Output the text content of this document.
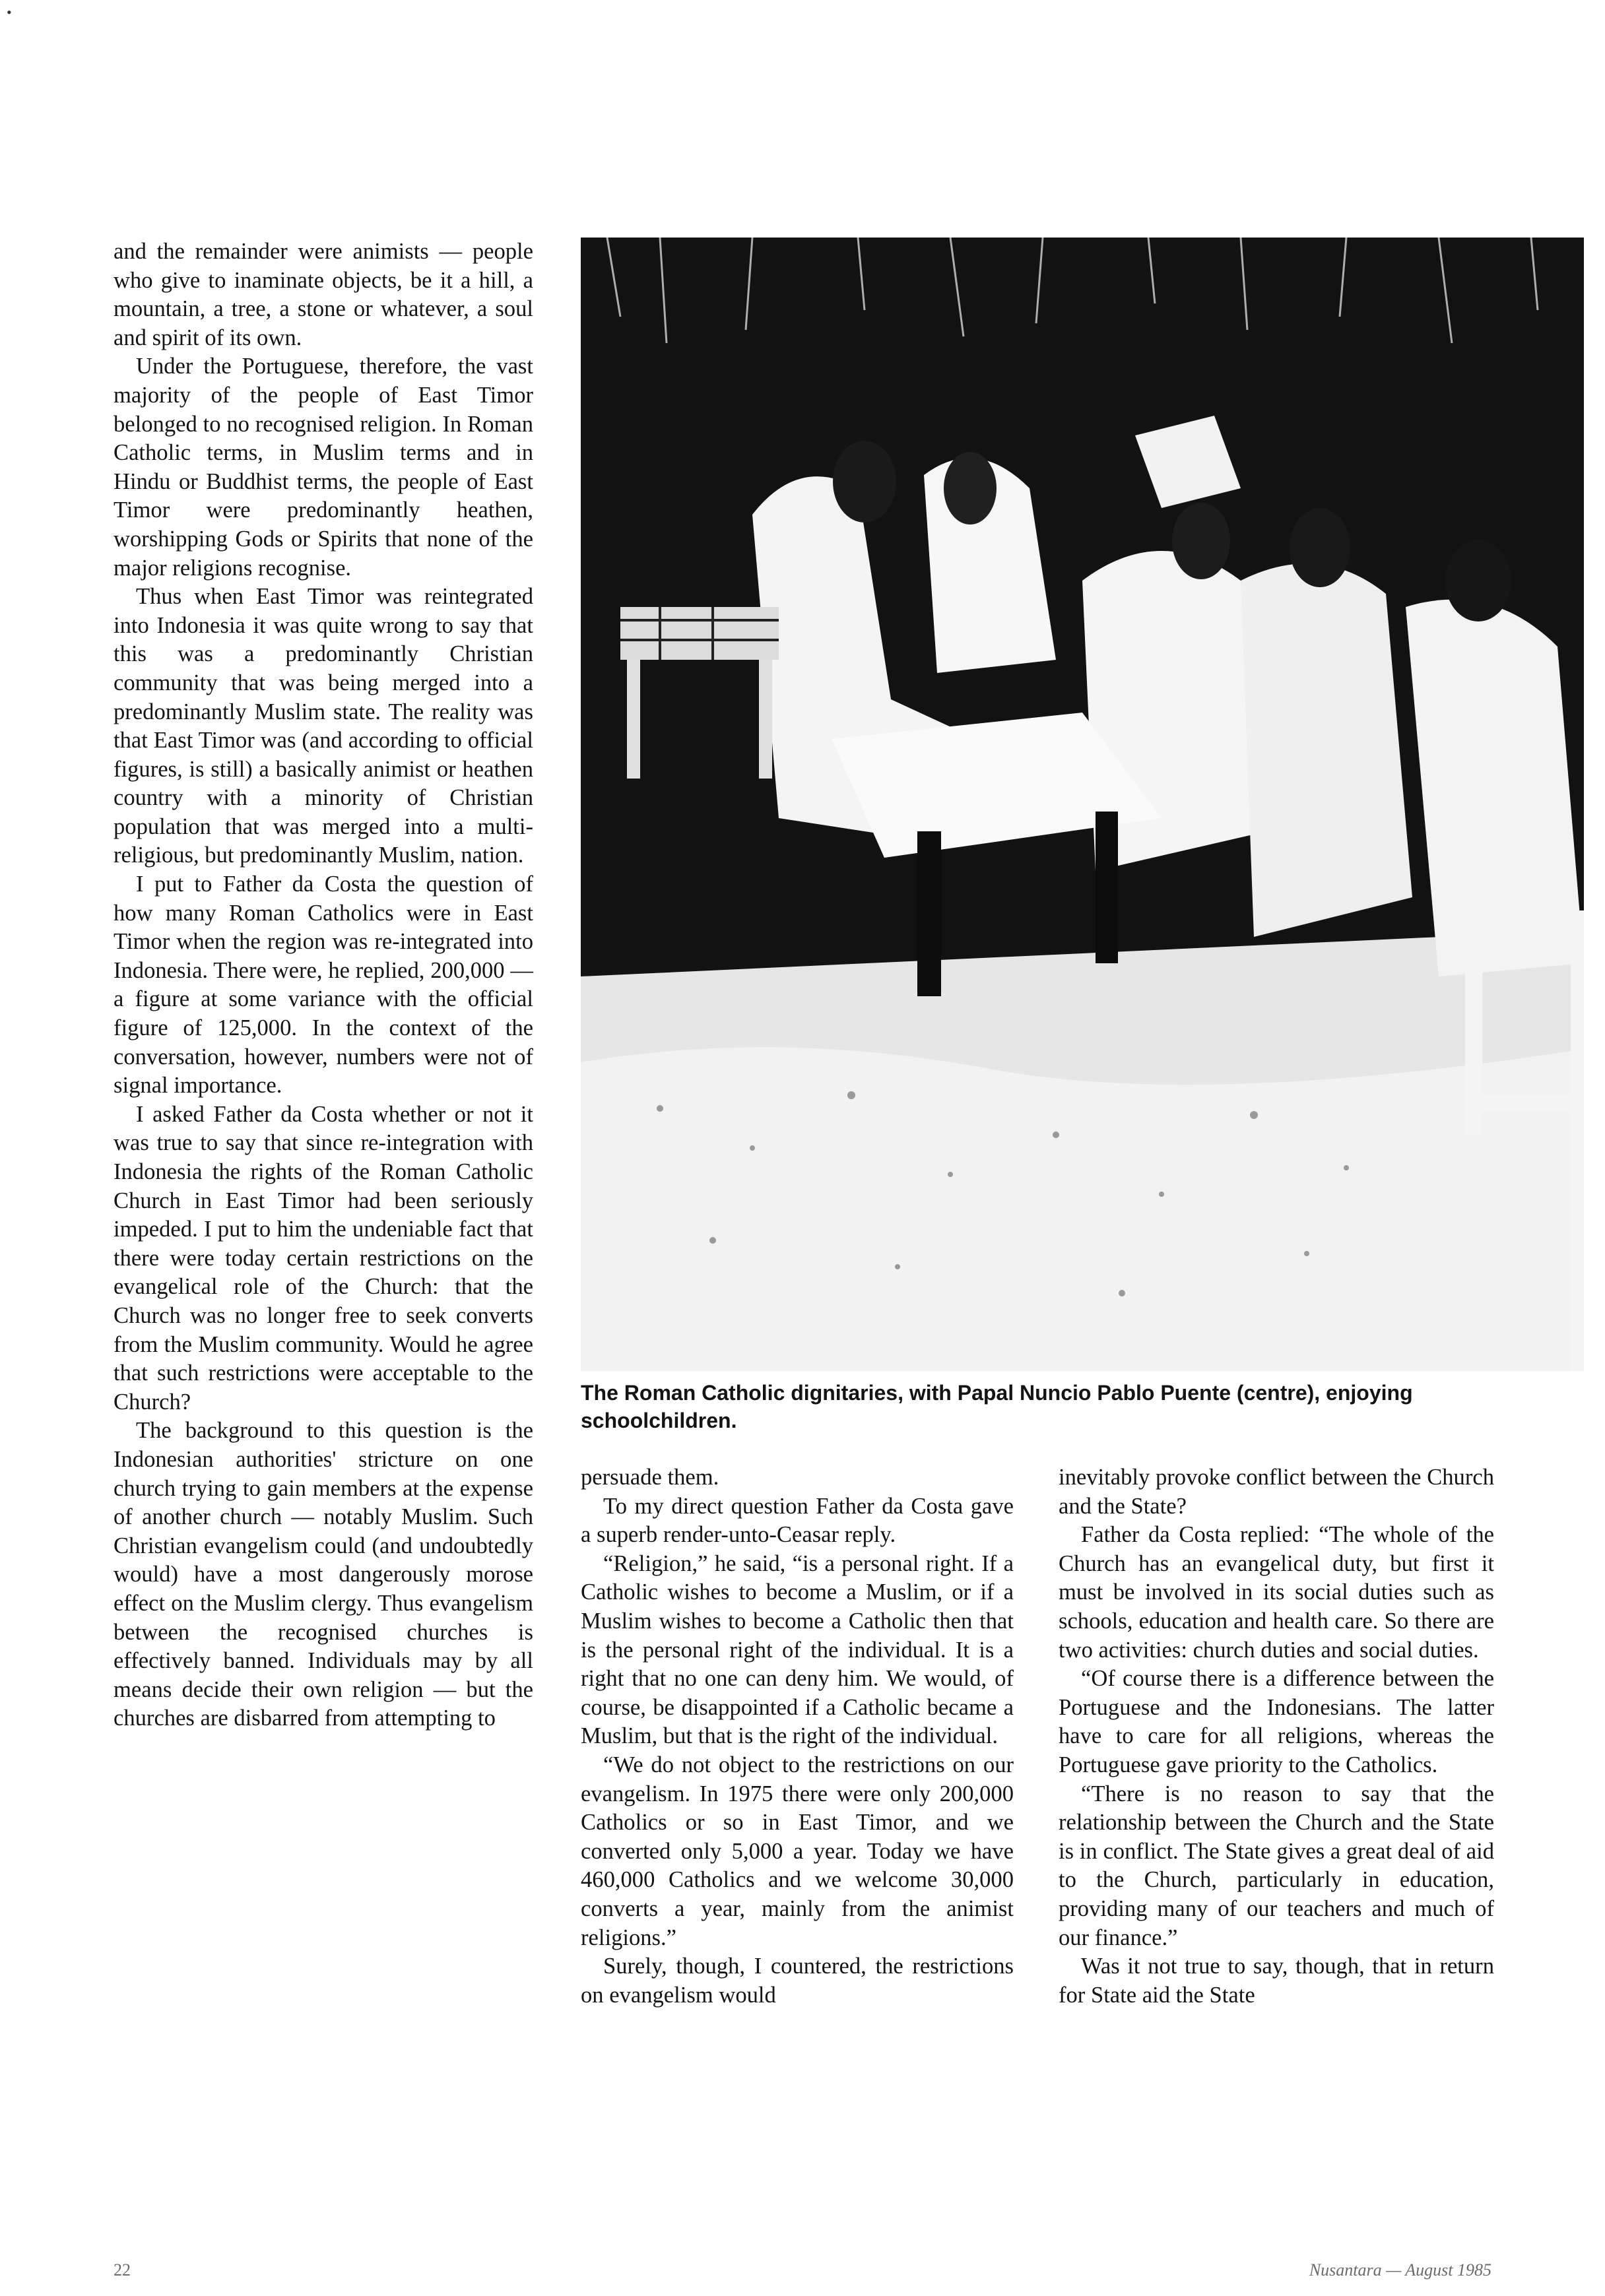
•

and the remainder were animists — people who give to inaminate objects, be it a hill, a mountain, a tree, a stone or whatever, a soul and spirit of its own.

Under the Portuguese, therefore, the vast majority of the people of East Timor belonged to no recognised religion. In Roman Catholic terms, in Muslim terms and in Hindu or Buddhist terms, the people of East Timor were predominantly heathen, worshipping Gods or Spirits that none of the major religions recognise.

Thus when East Timor was reintegrated into Indonesia it was quite wrong to say that this was a predominantly Christian community that was being merged into a predominantly Muslim state. The reality was that East Timor was (and according to official figures, is still) a basically animist or heathen country with a minority of Christian population that was merged into a multi-religious, but predominantly Muslim, nation.

I put to Father da Costa the question of how many Roman Catholics were in East Timor when the region was re-integrated into Indonesia. There were, he replied, 200,000 — a figure at some variance with the official figure of 125,000. In the context of the conversation, however, numbers were not of signal importance.

I asked Father da Costa whether or not it was true to say that since re-integration with Indonesia the rights of the Roman Catholic Church in East Timor had been seriously impeded. I put to him the undeniable fact that there were today certain restrictions on the evangelical role of the Church: that the Church was no longer free to seek converts from the Muslim community. Would he agree that such restrictions were acceptable to the Church?

The background to this question is the Indonesian authorities' stricture on one church trying to gain members at the expense of another church — notably Muslim. Such Christian evangelism could (and undoubtedly would) have a most dangerously morose effect on the Muslim clergy. Thus evangelism between the recognised churches is effectively banned. Individuals may by all means decide their own religion — but the churches are disbarred from attempting to

The Roman Catholic dignitaries, with Papal Nuncio Pablo Puente (centre), enjoying
schoolchildren.

persuade them.

To my direct question Father da Costa gave a superb render-unto-Ceasar reply.

“Religion,” he said, “is a personal right. If a Catholic wishes to become a Muslim, or if a Muslim wishes to become a Catholic then that is the personal right of the individual. It is a right that no one can deny him. We would, of course, be disappointed if a Catholic became a Muslim, but that is the right of the individual.

“We do not object to the restrictions on our evangelism. In 1975 there were only 200,000 Catholics or so in East Timor, and we converted only 5,000 a year. Today we have 460,000 Catholics and we welcome 30,000 converts a year, mainly from the animist religions.”

Surely, though, I countered, the restrictions on evangelism would

inevitably provoke conflict between the Church and the State?

Father da Costa replied: “The whole of the Church has an evangelical duty, but first it must be involved in its social duties such as schools, education and health care. So there are two activities: church duties and social duties.

“Of course there is a difference between the Portuguese and the Indonesians. The latter have to care for all religions, whereas the Portuguese gave priority to the Catholics.

“There is no reason to say that the relationship between the Church and the State is in conflict. The State gives a great deal of aid to the Church, particularly in education, providing many of our teachers and much of our finance.”

Was it not true to say, though, that in return for State aid the State

22	Nusantara — August 1985
